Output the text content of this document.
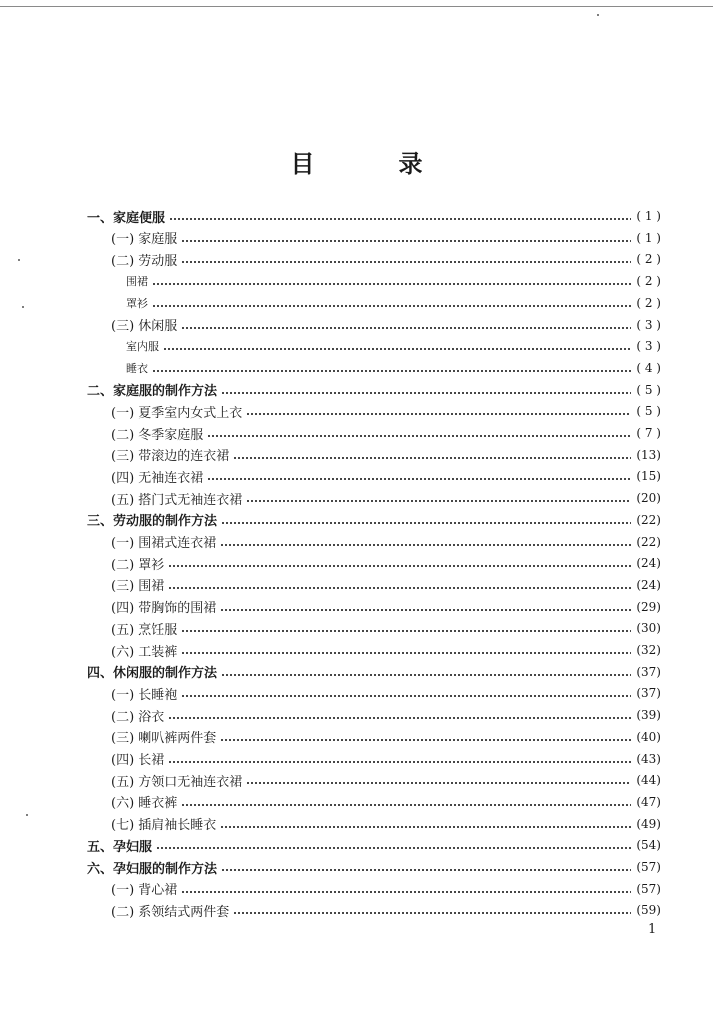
目　录
一、家庭便服	( 1 )
(一) 家庭服	( 1 )
(二) 劳动服	( 2 )
围裙	( 2 )
罩衫	( 2 )
(三) 休闲服	( 3 )
室内服	( 3 )
睡衣	( 4 )
二、家庭服的制作方法	( 5 )
(一) 夏季室内女式上衣	( 5 )
(二) 冬季家庭服	( 7 )
(三) 带滚边的连衣裙	(13)
(四) 无袖连衣裙	(15)
(五) 搭门式无袖连衣裙	(20)
三、劳动服的制作方法	(22)
(一) 围裙式连衣裙	(22)
(二) 罩衫	(24)
(三) 围裙	(24)
(四) 带胸饰的围裙	(29)
(五) 烹饪服	(30)
(六) 工装裤	(32)
四、休闲服的制作方法	(37)
(一) 长睡袍	(37)
(二) 浴衣	(39)
(三) 喇叭裤两件套	(40)
(四) 长裙	(43)
(五) 方领口无袖连衣裙	(44)
(六) 睡衣裤	(47)
(七) 插肩袖长睡衣	(49)
五、孕妇服	(54)
六、孕妇服的制作方法	(57)
(一) 背心裙	(57)
(二) 系领结式两件套	(59)
1
